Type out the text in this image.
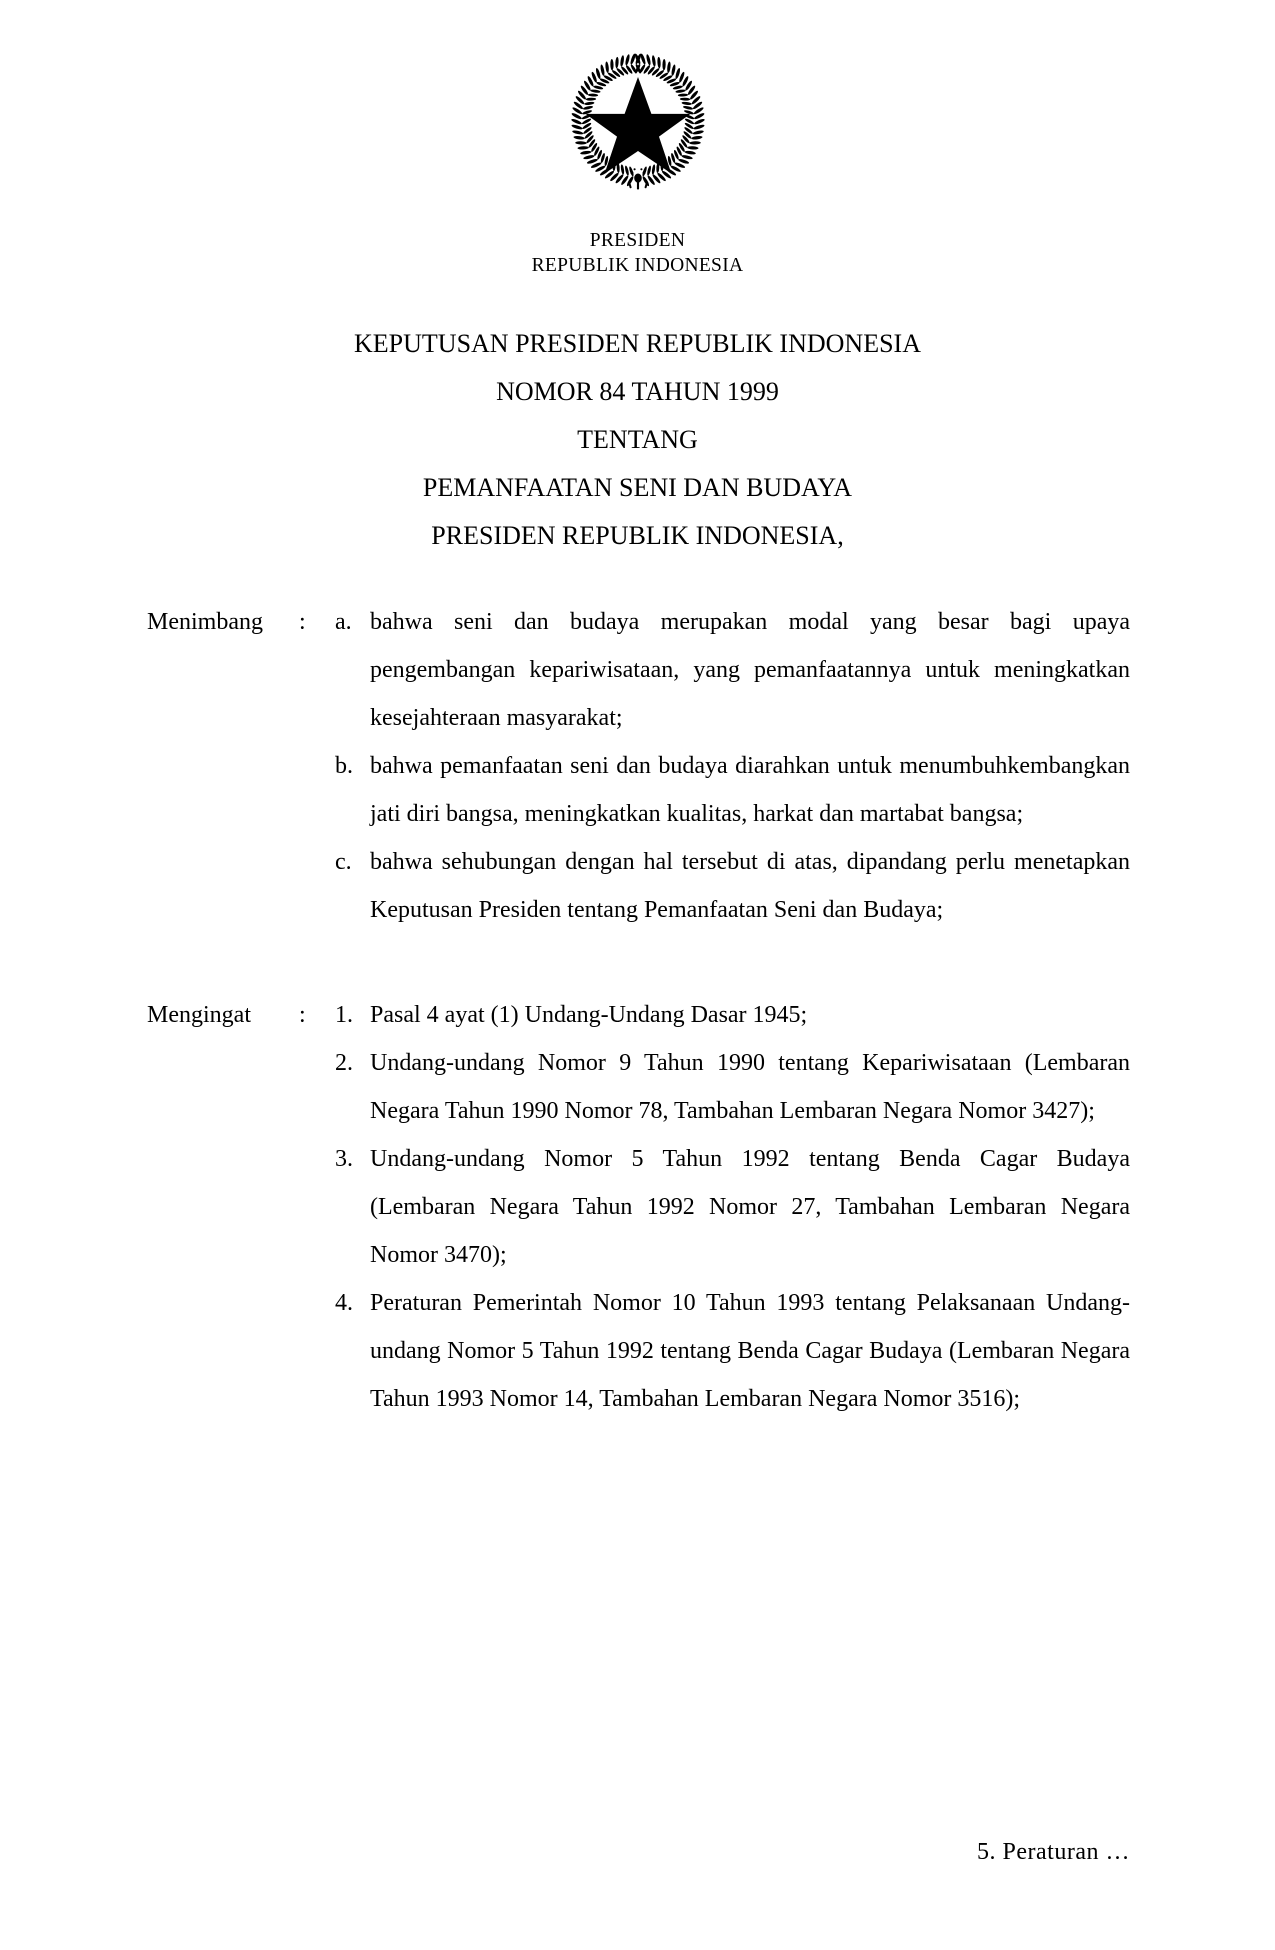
PRESIDEN
REPUBLIK INDONESIA
KEPUTUSAN PRESIDEN REPUBLIK INDONESIA
NOMOR 84 TAHUN 1999
TENTANG
PEMANFAATAN SENI DAN BUDAYA
PRESIDEN REPUBLIK INDONESIA,
Menimbang	:	a. bahwa seni dan budaya merupakan modal yang besar bagi upaya pengembangan kepariwisataan, yang pemanfaatannya untuk meningkatkan kesejahteraan masyarakat;
b. bahwa pemanfaatan seni dan budaya diarahkan untuk menumbuhkembangkan jati diri bangsa, meningkatkan kualitas, harkat dan martabat bangsa;
c. bahwa sehubungan dengan hal tersebut di atas, dipandang perlu menetapkan Keputusan Presiden tentang Pemanfaatan Seni dan Budaya;
Mengingat	:	1. Pasal 4 ayat (1) Undang-Undang Dasar 1945;
2. Undang-undang Nomor 9 Tahun 1990 tentang Kepariwisataan (Lembaran Negara Tahun 1990 Nomor 78, Tambahan Lembaran Negara Nomor 3427);
3. Undang-undang Nomor 5 Tahun 1992 tentang Benda Cagar Budaya (Lembaran Negara Tahun 1992 Nomor 27, Tambahan Lembaran Negara Nomor 3470);
4. Peraturan Pemerintah Nomor 10 Tahun 1993 tentang Pelaksanaan Undang-undang Nomor 5 Tahun 1992 tentang Benda Cagar Budaya (Lembaran Negara Tahun 1993 Nomor 14, Tambahan Lembaran Negara Nomor 3516);
5. Peraturan …
